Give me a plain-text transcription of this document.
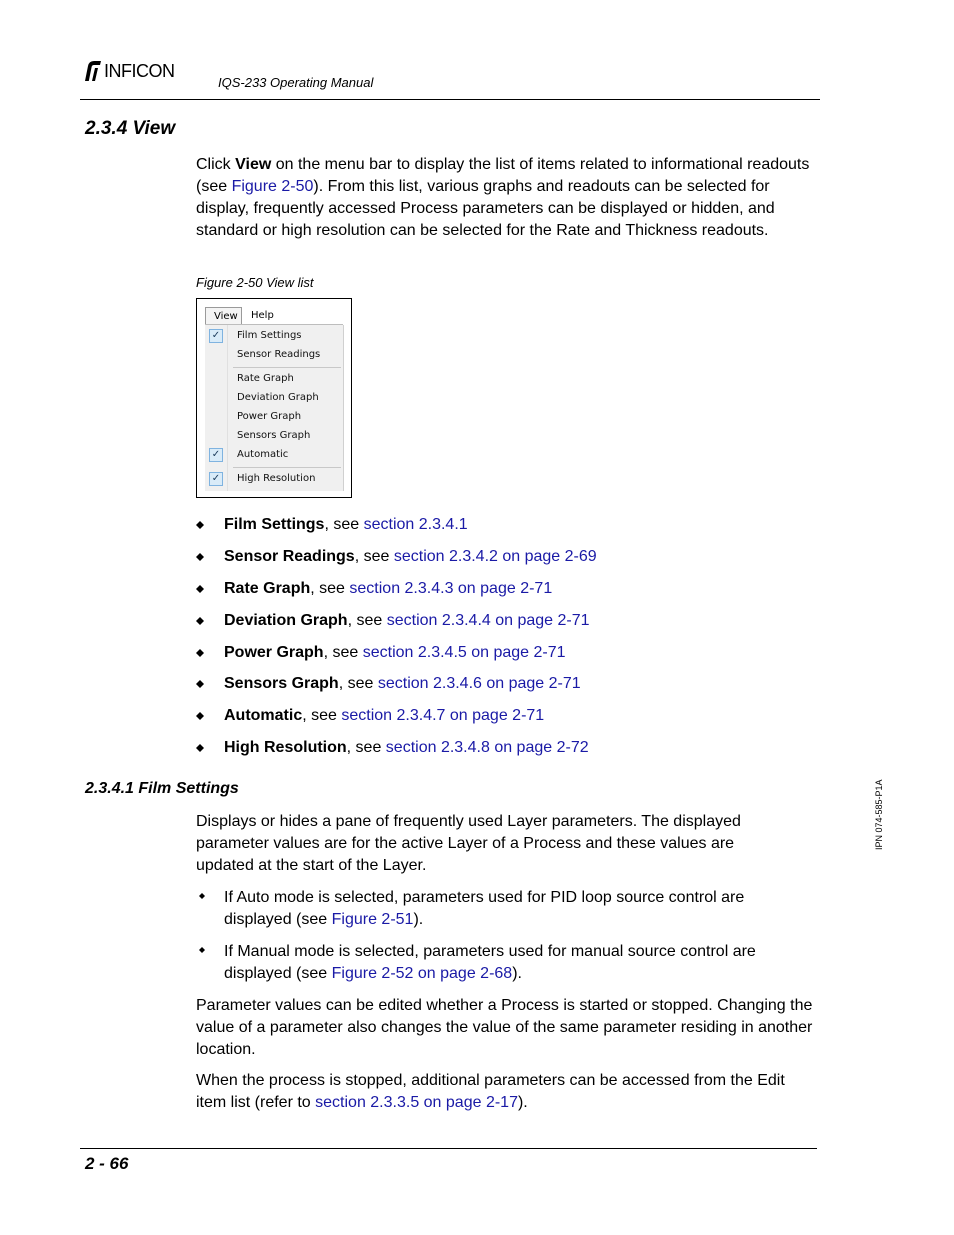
INFICON
IQS-233 Operating Manual
2.3.4 View

Click View on the menu bar to display the list of items related to informational readouts (see Figure 2-50). From this list, various graphs and readouts can be selected for display, frequently accessed Process parameters can be displayed or hidden, and standard or high resolution can be selected for the Rate and Thickness readouts.

Figure 2-50 View list
View	Help
✓ Film Settings
Sensor Readings
Rate Graph
Deviation Graph
Power Graph
Sensors Graph
✓ Automatic
✓ High Resolution
Film Settings, see section 2.3.4.1
Sensor Readings, see section 2.3.4.2 on page 2-69
Rate Graph, see section 2.3.4.3 on page 2-71
Deviation Graph, see section 2.3.4.4 on page 2-71
Power Graph, see section 2.3.4.5 on page 2-71
Sensors Graph, see section 2.3.4.6 on page 2-71
Automatic, see section 2.3.4.7 on page 2-71
High Resolution, see section 2.3.4.8 on page 2-72
2.3.4.1 Film Settings

Displays or hides a pane of frequently used Layer parameters. The displayed parameter values are for the active Layer of a Process and these values are updated at the start of the Layer.

If Auto mode is selected, parameters used for PID loop source control are displayed (see Figure 2-51).

If Manual mode is selected, parameters used for manual source control are displayed (see Figure 2-52 on page 2-68).

Parameter values can be edited whether a Process is started or stopped. Changing the value of a parameter also changes the value of the same parameter residing in another location.

When the process is stopped, additional parameters can be accessed from the Edit item list (refer to section 2.3.3.5 on page 2-17).

IPN 074-585-P1A
2 - 66
